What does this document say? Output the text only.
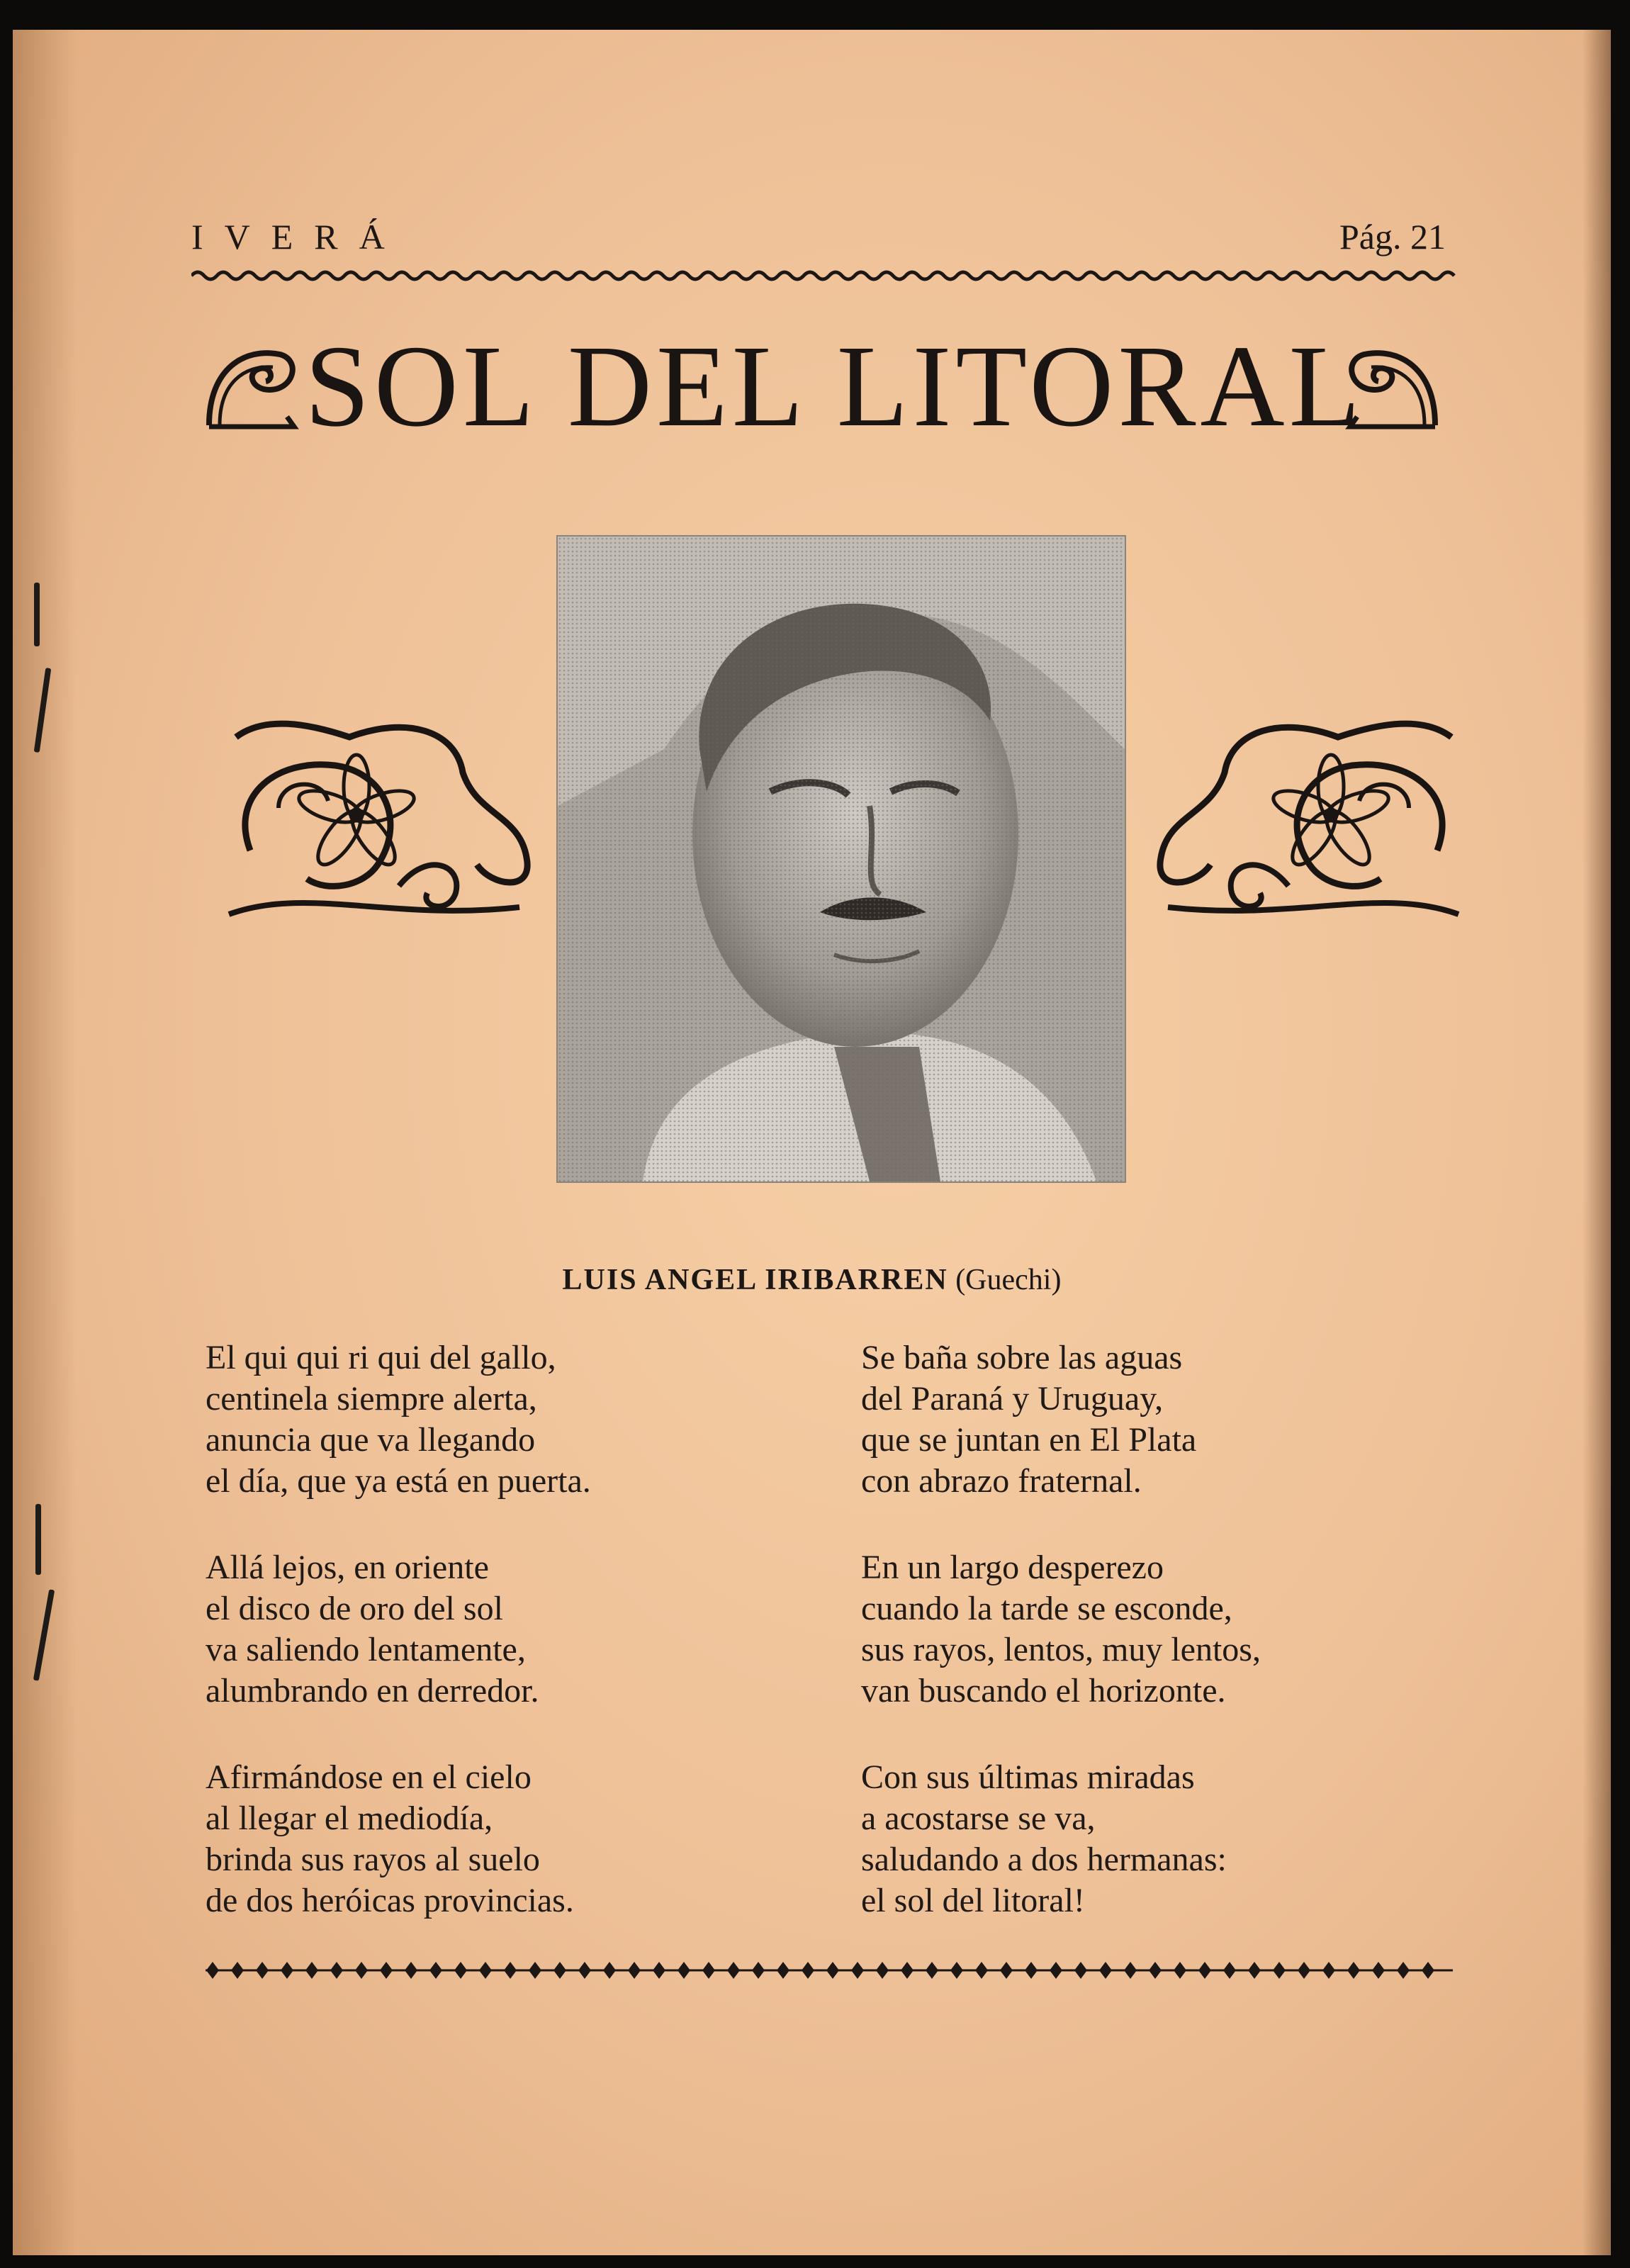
IVERÁ	Pág. 21
SOL DEL LITORAL
LUIS ANGEL IRIBARREN (Guechi)
El qui qui ri qui del gallo,
centinela siempre alerta,
anuncia que va llegando
el día, que ya está en puerta.
Allá lejos, en oriente
el disco de oro del sol
va saliendo lentamente,
alumbrando en derredor.
Afirmándose en el cielo
al llegar el mediodía,
brinda sus rayos al suelo
de dos heróicas provincias.
Se baña sobre las aguas
del Paraná y Uruguay,
que se juntan en El Plata
con abrazo fraternal.
En un largo desperezo
cuando la tarde se esconde,
sus rayos, lentos, muy lentos,
van buscando el horizonte.
Con sus últimas miradas
a acostarse se va,
saludando a dos hermanas:
el sol del litoral!
